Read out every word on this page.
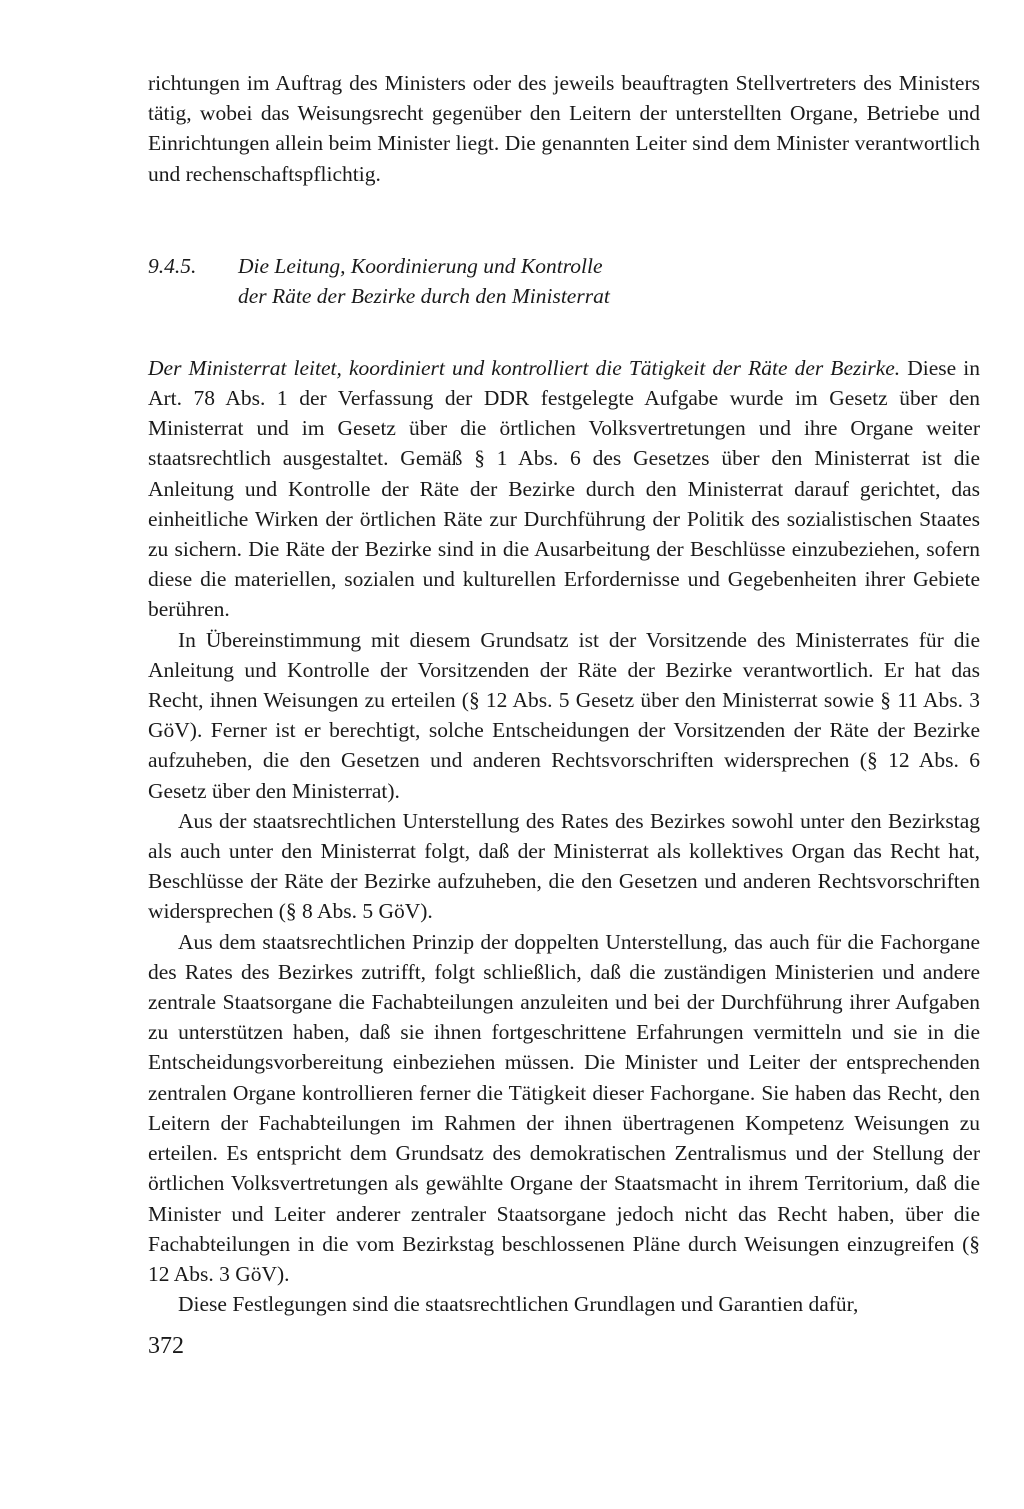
richtungen im Auftrag des Ministers oder des jeweils beauftragten Stellvertreters des Ministers tätig, wobei das Weisungsrecht gegenüber den Leitern der unterstellten Organe, Betriebe und Einrichtungen allein beim Minister liegt. Die genannten Leiter sind dem Minister verantwortlich und rechenschaftspflichtig.

9.4.5.	Die Leitung, Koordinierung und Kontrolle
der Räte der Bezirke durch den Ministerrat

Der Ministerrat leitet, koordiniert und kontrolliert die Tätigkeit der Räte der Bezirke. Diese in Art. 78 Abs. 1 der Verfassung der DDR festgelegte Aufgabe wurde im Gesetz über den Ministerrat und im Gesetz über die örtlichen Volksvertretungen und ihre Organe weiter staatsrechtlich ausgestaltet. Gemäß § 1 Abs. 6 des Gesetzes über den Ministerrat ist die Anleitung und Kontrolle der Räte der Bezirke durch den Ministerrat darauf gerichtet, das einheitliche Wirken der örtlichen Räte zur Durchführung der Politik des sozialistischen Staates zu sichern. Die Räte der Bezirke sind in die Ausarbeitung der Beschlüsse einzubeziehen, sofern diese die materiellen, sozialen und kulturellen Erfordernisse und Gegebenheiten ihrer Gebiete berühren.

In Übereinstimmung mit diesem Grundsatz ist der Vorsitzende des Ministerrates für die Anleitung und Kontrolle der Vorsitzenden der Räte der Bezirke verantwortlich. Er hat das Recht, ihnen Weisungen zu erteilen (§ 12 Abs. 5 Gesetz über den Ministerrat sowie § 11 Abs. 3 GöV). Ferner ist er berechtigt, solche Entscheidungen der Vorsitzenden der Räte der Bezirke aufzuheben, die den Gesetzen und anderen Rechtsvorschriften widersprechen (§ 12 Abs. 6 Gesetz über den Ministerrat).

Aus der staatsrechtlichen Unterstellung des Rates des Bezirkes sowohl unter den Bezirkstag als auch unter den Ministerrat folgt, daß der Ministerrat als kollektives Organ das Recht hat, Beschlüsse der Räte der Bezirke aufzuheben, die den Gesetzen und anderen Rechtsvorschriften widersprechen (§ 8 Abs. 5 GöV).

Aus dem staatsrechtlichen Prinzip der doppelten Unterstellung, das auch für die Fachorgane des Rates des Bezirkes zutrifft, folgt schließlich, daß die zuständigen Ministerien und andere zentrale Staatsorgane die Fachabteilungen anzuleiten und bei der Durchführung ihrer Aufgaben zu unterstützen haben, daß sie ihnen fortgeschrittene Erfahrungen vermitteln und sie in die Entscheidungsvorbereitung einbeziehen müssen. Die Minister und Leiter der entsprechenden zentralen Organe kontrollieren ferner die Tätigkeit dieser Fachorgane. Sie haben das Recht, den Leitern der Fachabteilungen im Rahmen der ihnen übertragenen Kompetenz Weisungen zu erteilen. Es entspricht dem Grundsatz des demokratischen Zentralismus und der Stellung der örtlichen Volksvertretungen als gewählte Organe der Staatsmacht in ihrem Territorium, daß die Minister und Leiter anderer zentraler Staatsorgane jedoch nicht das Recht haben, über die Fachabteilungen in die vom Bezirkstag beschlossenen Pläne durch Weisungen einzugreifen (§ 12 Abs. 3 GöV).

Diese Festlegungen sind die staatsrechtlichen Grundlagen und Garantien dafür,

372
